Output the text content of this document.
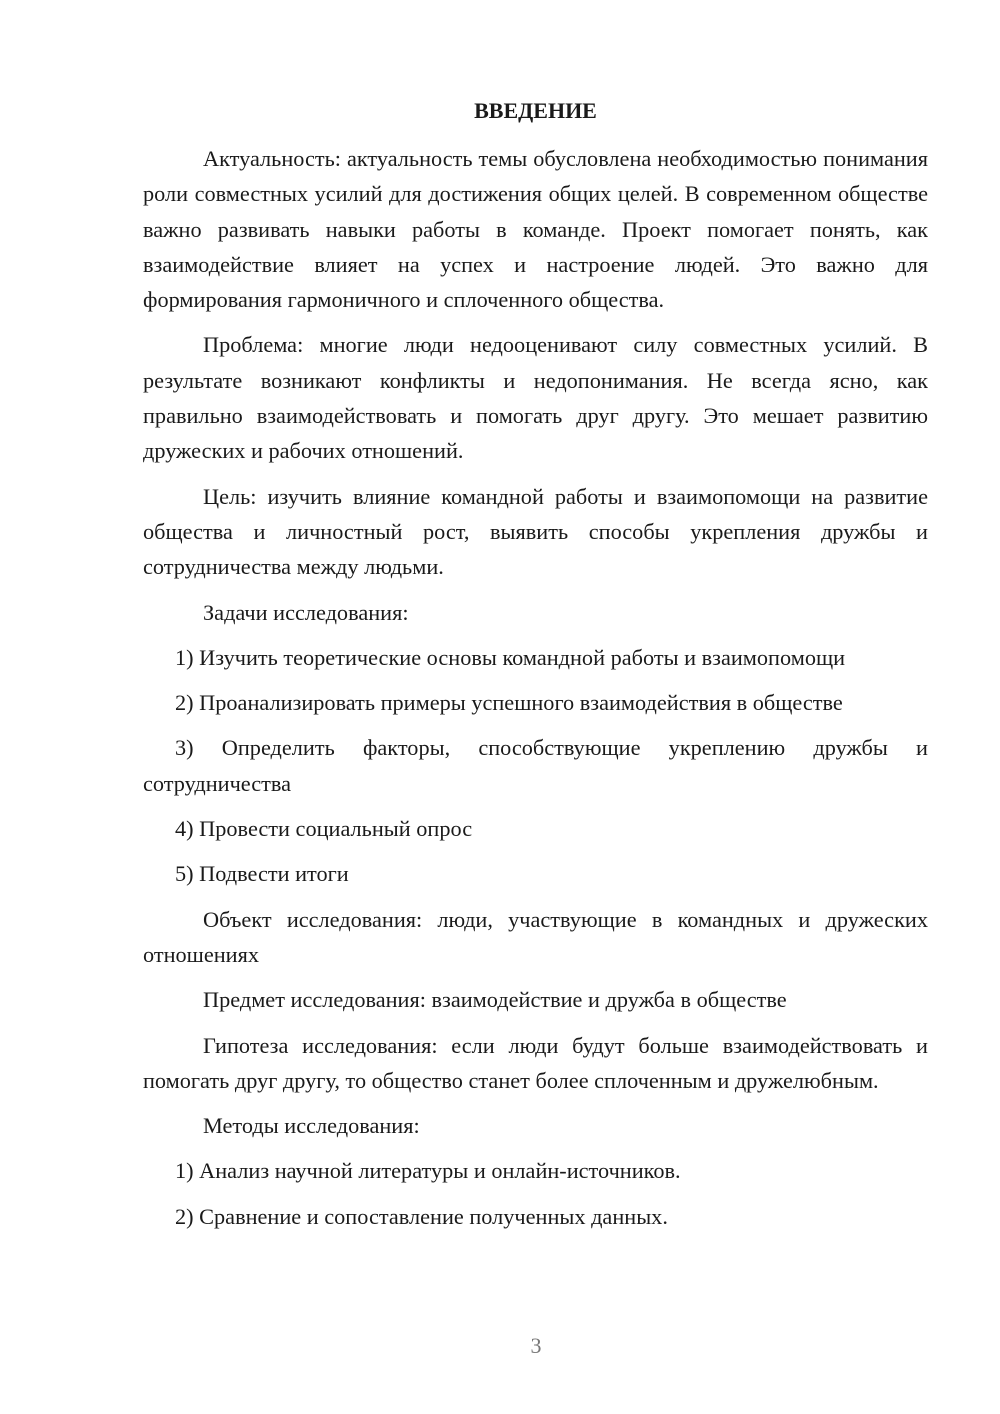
ВВЕДЕНИЕ

Актуальность: актуальность темы обусловлена необходимостью понимания роли совместных усилий для достижения общих целей. В современном обществе важно развивать навыки работы в команде. Проект помогает понять, как взаимодействие влияет на успех и настроение людей. Это важно для формирования гармоничного и сплоченного общества.

Проблема: многие люди недооценивают силу совместных усилий. В результате возникают конфликты и недопонимания. Не всегда ясно, как правильно взаимодействовать и помогать друг другу. Это мешает развитию дружеских и рабочих отношений.

Цель: изучить влияние командной работы и взаимопомощи на развитие общества и личностный рост, выявить способы укрепления дружбы и сотрудничества между людьми.

Задачи исследования:

1) Изучить теоретические основы командной работы и взаимопомощи

2) Проанализировать примеры успешного взаимодействия в обществе

3) Определить факторы, способствующие укреплению дружбы и сотрудничества

4) Провести социальный опрос

5) Подвести итоги

Объект исследования: люди, участвующие в командных и дружеских отношениях

Предмет исследования: взаимодействие и дружба в обществе

Гипотеза исследования: если люди будут больше взаимодействовать и помогать друг другу, то общество станет более сплоченным и дружелюбным.

Методы исследования:

1) Анализ научной литературы и онлайн-источников.

2) Сравнение и сопоставление полученных данных.

3
